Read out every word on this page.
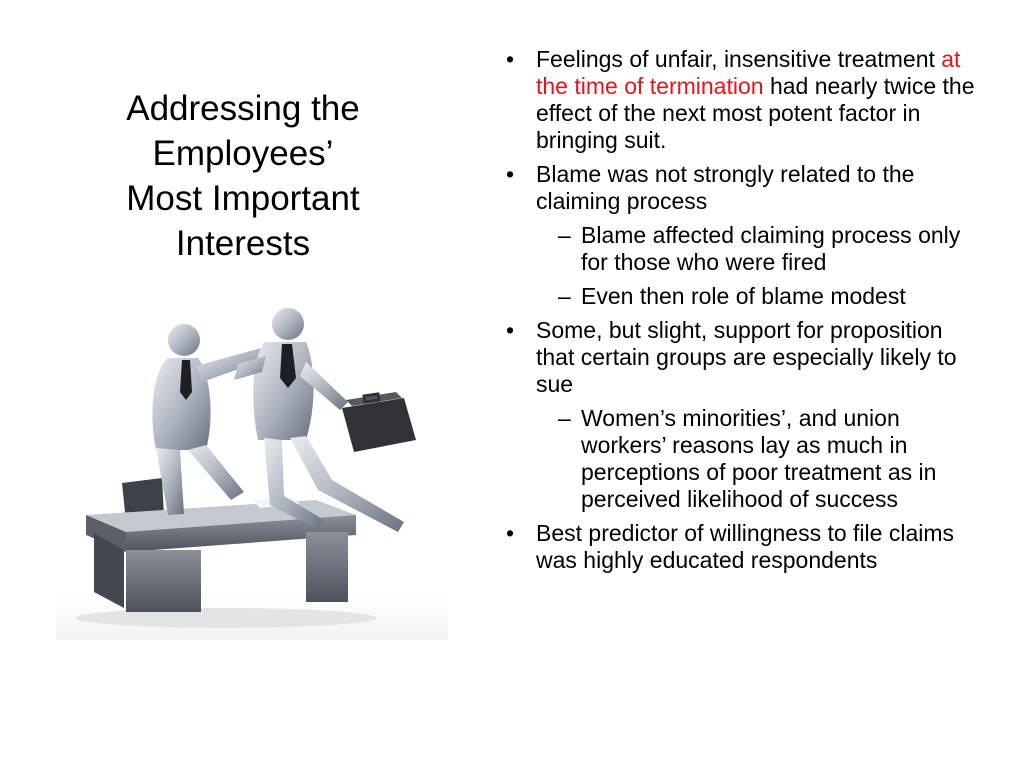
Addressing the
Employees’
Most Important
Interests
• Feelings of unfair, insensitive treatment at the time of termination had nearly twice the effect of the next most potent factor in bringing suit.
• Blame was not strongly related to the claiming process
– Blame affected claiming process only for those who were fired
– Even then role of blame modest
• Some, but slight, support for proposition that certain groups are especially likely to sue
– Women’s minorities’, and union workers’ reasons lay as much in perceptions of poor treatment as in perceived likelihood of success
• Best predictor of willingness to file claims was highly educated respondents
